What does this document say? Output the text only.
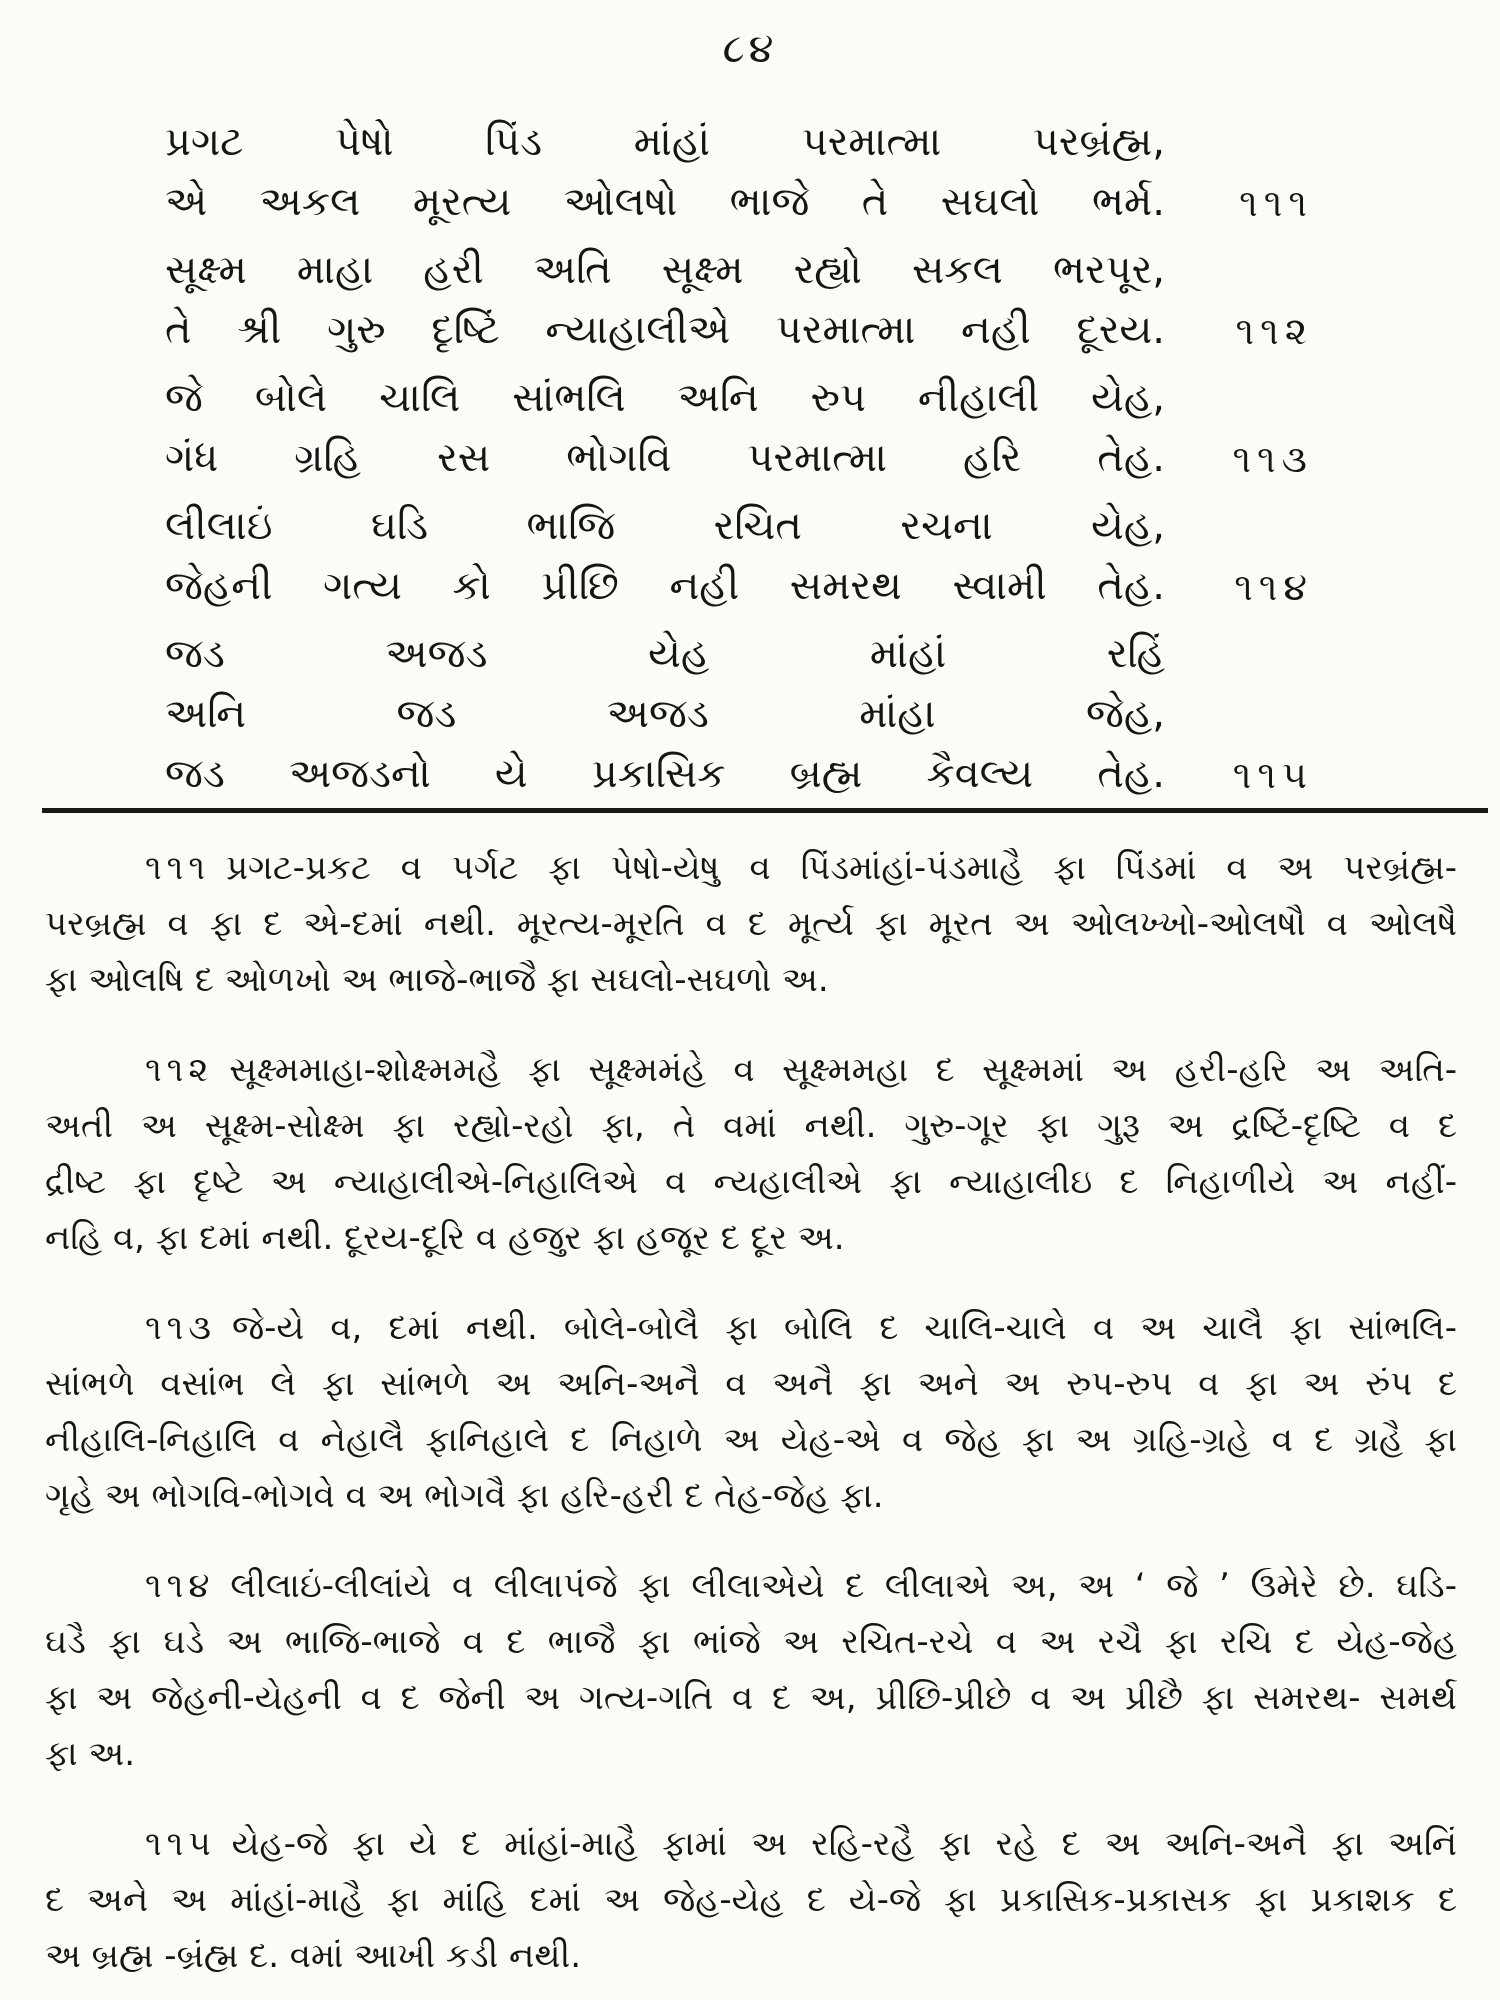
૮૪
પ્રગટ પેષો પિંડ માંહાં પરમાત્મા પરબ્રંહ્મ,
એ અકલ મૂરત્ય ઓલષો ભાજે તે સઘલો ભર્મ. ૧૧૧
સૂક્ષ્મ માહા હરી અતિ સૂક્ષ્મ રહ્યો સકલ ભરપૂર,
તે શ્રી ગુરુ દૃષ્ટિં ન્યાહાલીએ પરમાત્મા નહી દૂરય. ૧૧૨
જે બોલે ચાલિ સાંભલિ અનિ રુપ નીહાલી યેહ,
ગંધ ગ્રહિ રસ ભોગવિ પરમાત્મા હરિ તેહ. ૧૧૩
લીલાઇં ઘડિ ભાજિ રચિત રચના યેહ,
જેહની ગત્ય કો પ્રીછિ નહી સમરથ સ્વામી તેહ. ૧૧૪
જડ અજડ યેહ માંહાં રહિં
અનિ જડ અજડ માંહા જેહ,
જડ અજડનો યે પ્રકાસિક બ્રહ્મ કૈવલ્ય તેહ. ૧૧૫
૧૧૧ પ્રગટ-પ્રકટ વ પર્ગટ ફા પેષો-યેષુ વ પિંડમાંહાં-પંડમાહૈ ફા પિંડમાં વ અ પરબ્રંહ્મ-
પરબ્રહ્મ વ ફા દ એ-દમાં નથી. મૂરત્ય-મૂરતિ વ દ મૂર્ત્ય ફા મૂરત અ ઓલખ્ખો-ઓલષૌ વ ઓલષૈ
ફા ઓલષિ દ ઓળખો અ ભાજે-ભાજૈ ફા સઘલો-સઘળો અ.
૧૧૨ સૂક્ષ્મમાહા-શોક્ષ્મમહૈ ફા સૂક્ષ્મમંહે વ સૂક્ષ્મમહા દ સૂક્ષ્મમાં અ હરી-હરિ અ અતિ-
અતી અ સૂક્ષ્મ-સોક્ષ્મ ફા રહ્યો-રહો ફા, તે વમાં નથી. ગુરુ-ગૂર ફા ગુરૂ અ દ્રષ્ટિં-દૃષ્ટિ વ દ
દ્રીષ્ટ ફા દૃષ્ટે અ ન્યાહાલીએ-નિહાલિએ વ ન્યહાલીએ ફા ન્યાહાલીઇ દ નિહાળીયે અ નહીં-
નહિ વ, ફા દમાં નથી. દૂરય-દૂરિ વ હજુર ફા હજૂર દ દૂર અ.
૧૧૩ જે-યે વ, દમાં નથી. બોલે-બોલૈ ફા બોલિ દ ચાલિ-ચાલે વ અ ચાલૈ ફા સાંભલિ-
સાંભળે વસાંભ લે ફા સાંભળે અ અનિ-અનૈ વ અનૈ ફા અને અ રુપ-રુપ વ ફા અ રુંપ દ
નીહાલિ-નિહાલિ વ નેહાલૈ ફાનિહાલે દ નિહાળે અ યેહ-એ વ જેહ ફા અ ગ્રહિ-ગ્રહે વ દ ગ્રહૈ ફા
ગૃહે અ ભોગવિ-ભોગવે વ અ ભોગવૈ ફા હરિ-હરી દ તેહ-જેહ ફા.
૧૧૪ લીલાઇં-લીલાંયે વ લીલાપંજે ફા લીલાએયે દ લીલાએ અ, અ ‘ જે ’ ઉમેરે છે. ઘડિ-
ઘડૈ ફા ઘડે અ ભાજિ-ભાજે વ દ ભાજૈ ફા ભાંજે અ રચિત-રચે વ અ રચૈ ફા રચિ દ યેહ-જેહ
ફા અ જેહની-યેહની વ દ જેની અ ગત્ય-ગતિ વ દ અ, પ્રીછિ-પ્રીછે વ અ પ્રીછૈ ફા સમરથ- સમર્થ
ફા અ.
૧૧૫ યેહ-જે ફા યે દ માંહાં-માહૈ ફામાં અ રહિ-રહૈ ફા રહે દ અ અનિ-અનૈ ફા અનિં
દ અને અ માંહાં-માહૈ ફા માંહિ દમાં અ જેહ-યેહ દ યે-જે ફા પ્રકાસિક-પ્રકાસક ફા પ્રકાશક દ
અ બ્રહ્મ -બ્રંહ્મ દ. વમાં આખી કડી નથી.
